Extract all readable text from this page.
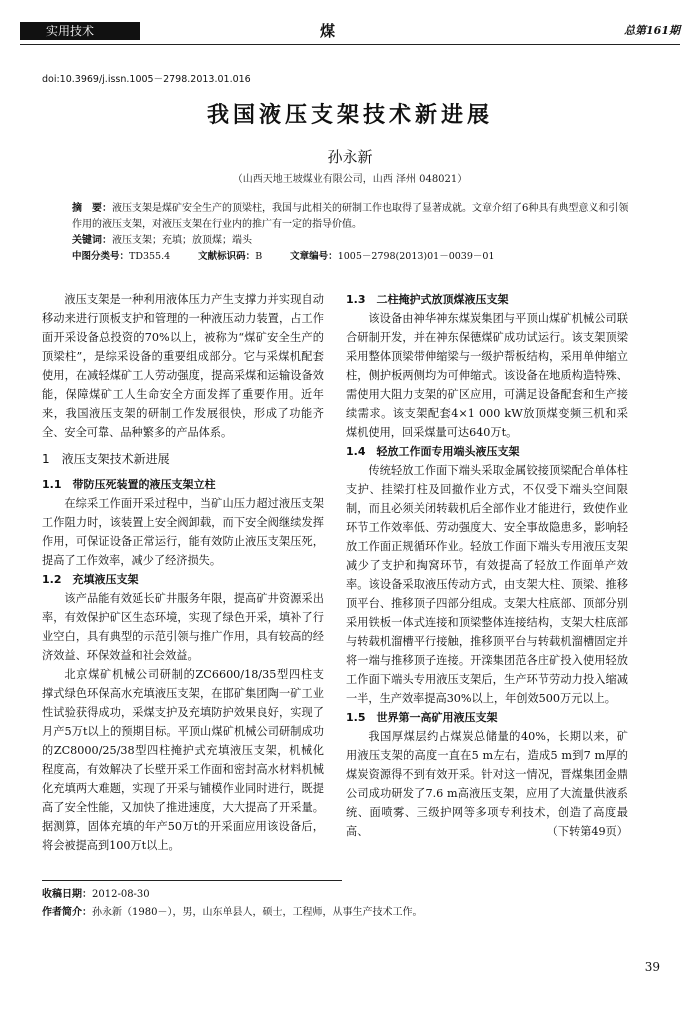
实用技术	煤	总第161期
doi:10.3969/j.issn.1005－2798.2013.01.016
我国液压支架技术新进展
孙永新
（山西天地王坡煤业有限公司，山西 泽州 048021）

摘　要：液压支架是煤矿安全生产的顶梁柱，我国与此相关的研制工作也取得了显著成就。文章介绍了6种具有典型意义和引领作用的液压支架，对液压支架在行业内的推广有一定的指导价值。

关键词：液压支架；充填；放顶煤；端头

中图分类号：TD355.4	文献标识码：B	文章编号：1005－2798(2013)01－0039－01

液压支架是一种利用液体压力产生支撑力并实现自动移动来进行顶板支护和管理的一种液压动力装置，占工作面开采设备总投资的70%以上，被称为“煤矿安全生产的顶梁柱”，是综采设备的重要组成部分。它与采煤机配套使用，在减轻煤矿工人劳动强度，提高采煤和运输设备效能，保障煤矿工人生命安全方面发挥了重要作用。近年来，我国液压支架的研制工作发展很快，形成了功能齐全、安全可靠、品种繁多的产品体系。

1　液压支架技术新进展

1.1　带防压死装置的液压支架立柱

在综采工作面开采过程中，当矿山压力超过液压支架工作阻力时，该装置上安全阀卸载，而下安全阀继续发挥作用，可保证设备正常运行，能有效防止液压支架压死，提高了工作效率，减少了经济损失。

1.2　充填液压支架

该产品能有效延长矿井服务年限，提高矿井资源采出率，有效保护矿区生态环境，实现了绿色开采，填补了行业空白，具有典型的示范引领与推广作用，具有较高的经济效益、环保效益和社会效益。

北京煤矿机械公司研制的ZC6600/18/35型四柱支撑式绿色环保高水充填液压支架，在邯矿集团陶一矿工业性试验获得成功，采煤支护及充填防护效果良好，实现了月产5万t以上的预期目标。平顶山煤矿机械公司研制成功的ZC8000/25/38型四柱掩护式充填液压支架，机械化程度高，有效解决了长壁开采工作面和密封高水材料机械化充填两大难题，实现了开采与铺模作业同时进行，既提高了安全性能，又加快了推进速度，大大提高了开采量。据测算，固体充填的年产50万t的开采面应用该设备后，将会被提高到100万t以上。

1.3　二柱掩护式放顶煤液压支架

该设备由神华神东煤炭集团与平顶山煤矿机械公司联合研制开发，并在神东保德煤矿成功试运行。该支架顶梁采用整体顶梁带伸缩梁与一级护帮板结构，采用单伸缩立柱，侧护板两侧均为可伸缩式。该设备在地质构造特殊、需使用大阻力支架的矿区应用，可满足设备配套和生产接续需求。该支架配套4×1 000 kW放顶煤变频三机和采煤机使用，回采煤量可达640万t。

1.4　轻放工作面专用端头液压支架

传统轻放工作面下端头采取金属铰接顶梁配合单体柱支护、挂梁打柱及回撤作业方式，不仅受下端头空间限制，而且必须关闭转载机后全部作业才能进行，致使作业环节工作效率低、劳动强度大、安全事故隐患多，影响轻放工作面正规循环作业。轻放工作面下端头专用液压支架减少了支护和掏窝环节，有效提高了轻放工作面单产效率。该设备采取液压传动方式，由支架大柱、顶梁、推移顶平台、推移顶子四部分组成。支架大柱底部、顶部分别采用铁板一体式连接和顶梁整体连接结构，支架大柱底部与转载机溜槽平行接触，推移顶平台与转载机溜槽固定并将一端与推移顶子连接。开滦集团范各庄矿投入使用轻放工作面下端头专用液压支架后，生产环节劳动力投入缩减一半，生产效率提高30%以上，年创效500万元以上。

1.5　世界第一高矿用液压支架

我国厚煤层约占煤炭总储量的40%，长期以来，矿用液压支架的高度一直在5 m左右，造成5 m到7 m厚的煤炭资源得不到有效开采。针对这一情况，晋煤集团金鼎公司成功研发了7.6 m高液压支架，应用了大流量供液系统、面喷雾、三级护网等多项专利技术，创造了高度最高、	（下转第49页）

收稿日期：2012-08-30

作者简介：孙永新（1980－），男，山东单县人，硕士，工程师，从事生产技术工作。

39
